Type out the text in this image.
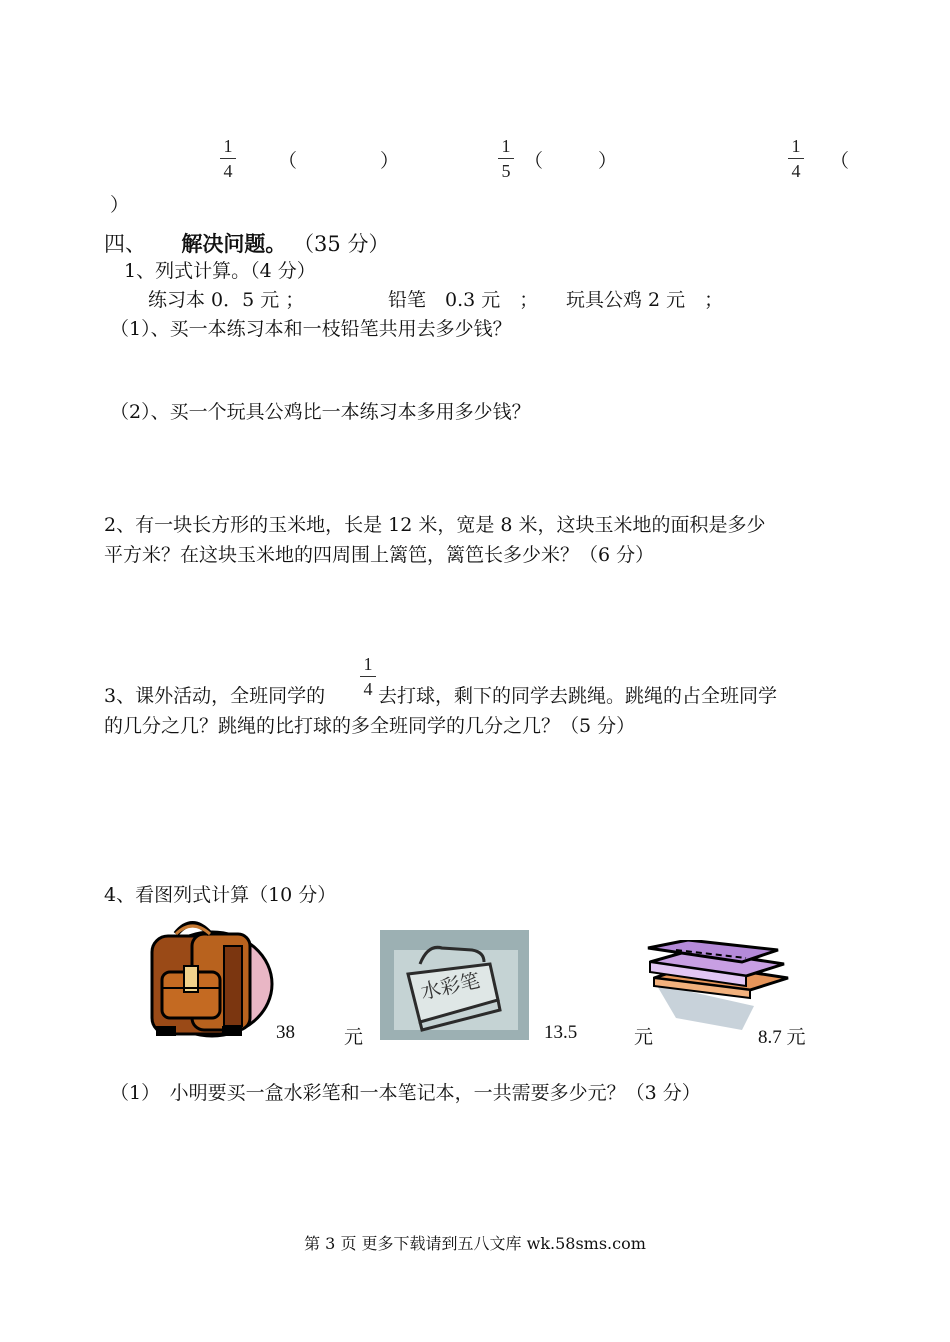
1
4 （	）
1
5 （	）
1
4 （
）
四、 解决问题。 （35 分）
1、列式计算。（4 分）
练习本 0．5 元 ；	铅笔　0.3 元　； 玩具公鸡 2 元　；
（1）、买一本练习本和一枝铅笔共用去多少钱？
（2）、买一个玩具公鸡比一本练习本多用多少钱？
2、有一块长方形的玉米地，长是 12 米，宽是 8 米，这块玉米地的面积是多少
平方米？在这块玉米地的四周围上篱笆，篱笆长多少米？（6 分）
1
4
3、课外活动，全班同学的	去打球，剩下的同学去跳绳。跳绳的占全班同学
的几分之几？跳绳的比打球的多全班同学的几分之几？（5 分）
4、看图列式计算（10 分）
38	元
水彩笔
13.5	元	8.7 元
（1）　小明要买一盒水彩笔和一本笔记本，一共需要多少元？（3 分）
第 3 页 更多下载请到五八文库 wk.58sms.com
